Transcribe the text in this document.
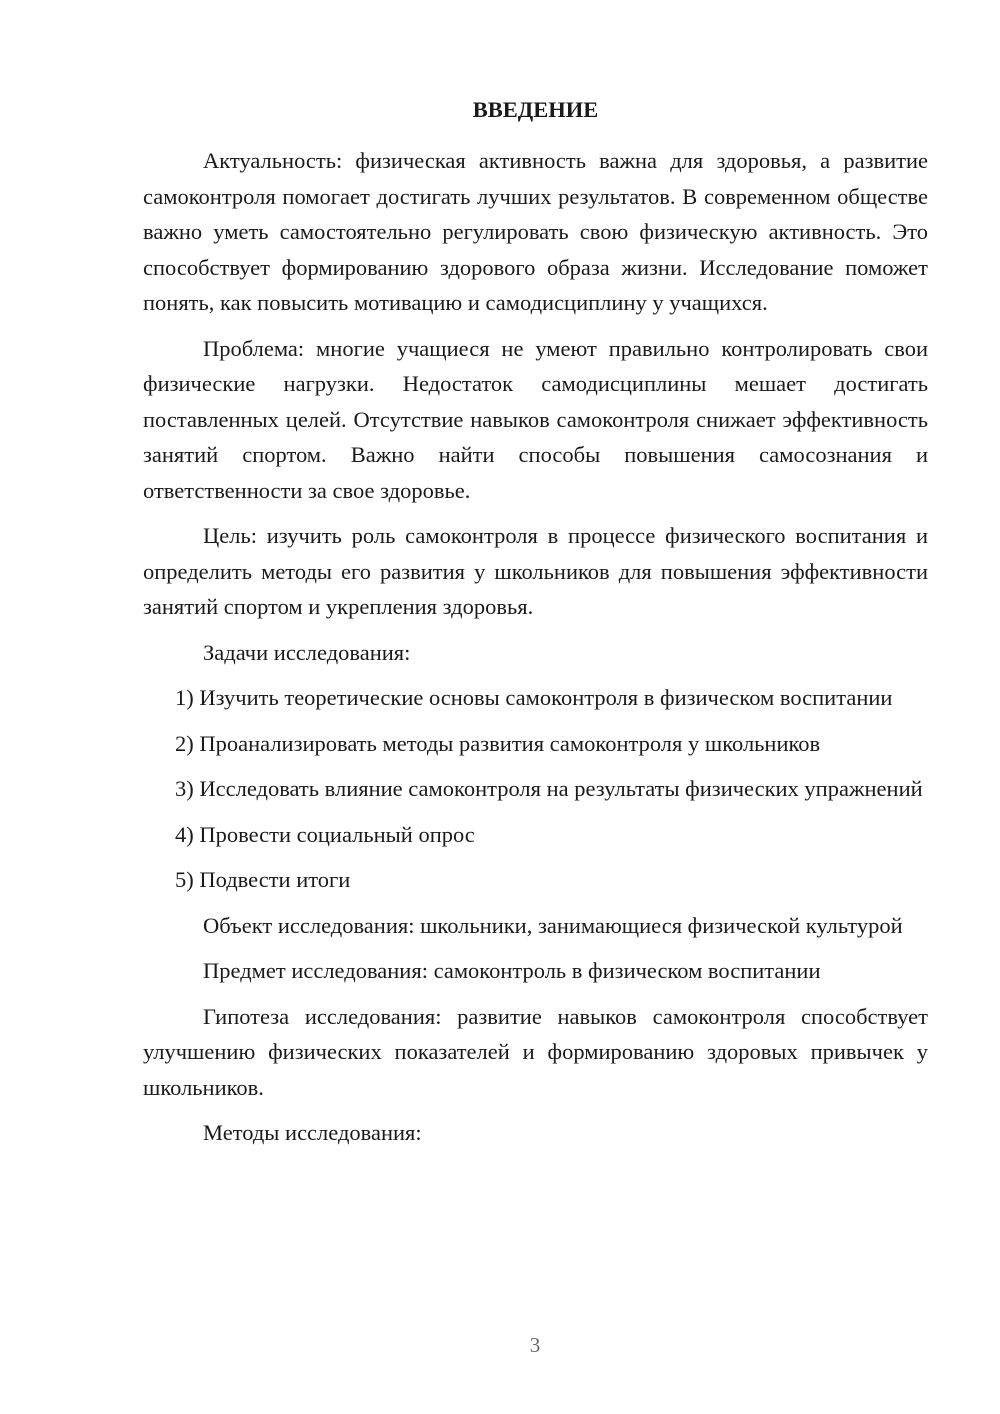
ВВЕДЕНИЕ

Актуальность: физическая активность важна для здоровья, а развитие самоконтроля помогает достигать лучших результатов. В современном обществе важно уметь самостоятельно регулировать свою физическую активность. Это способствует формированию здорового образа жизни. Исследование поможет понять, как повысить мотивацию и самодисциплину у учащихся.

Проблема: многие учащиеся не умеют правильно контролировать свои физические нагрузки. Недостаток самодисциплины мешает достигать поставленных целей. Отсутствие навыков самоконтроля снижает эффективность занятий спортом. Важно найти способы повышения самосознания и ответственности за свое здоровье.

Цель: изучить роль самоконтроля в процессе физического воспитания и определить методы его развития у школьников для повышения эффективности занятий спортом и укрепления здоровья.

Задачи исследования:

1) Изучить теоретические основы самоконтроля в физическом воспитании

2) Проанализировать методы развития самоконтроля у школьников

3) Исследовать влияние самоконтроля на результаты физических упражнений

4) Провести социальный опрос

5) Подвести итоги

Объект исследования: школьники, занимающиеся физической культурой

Предмет исследования: самоконтроль в физическом воспитании

Гипотеза исследования: развитие навыков самоконтроля способствует улучшению физических показателей и формированию здоровых привычек у школьников.

Методы исследования:

3
